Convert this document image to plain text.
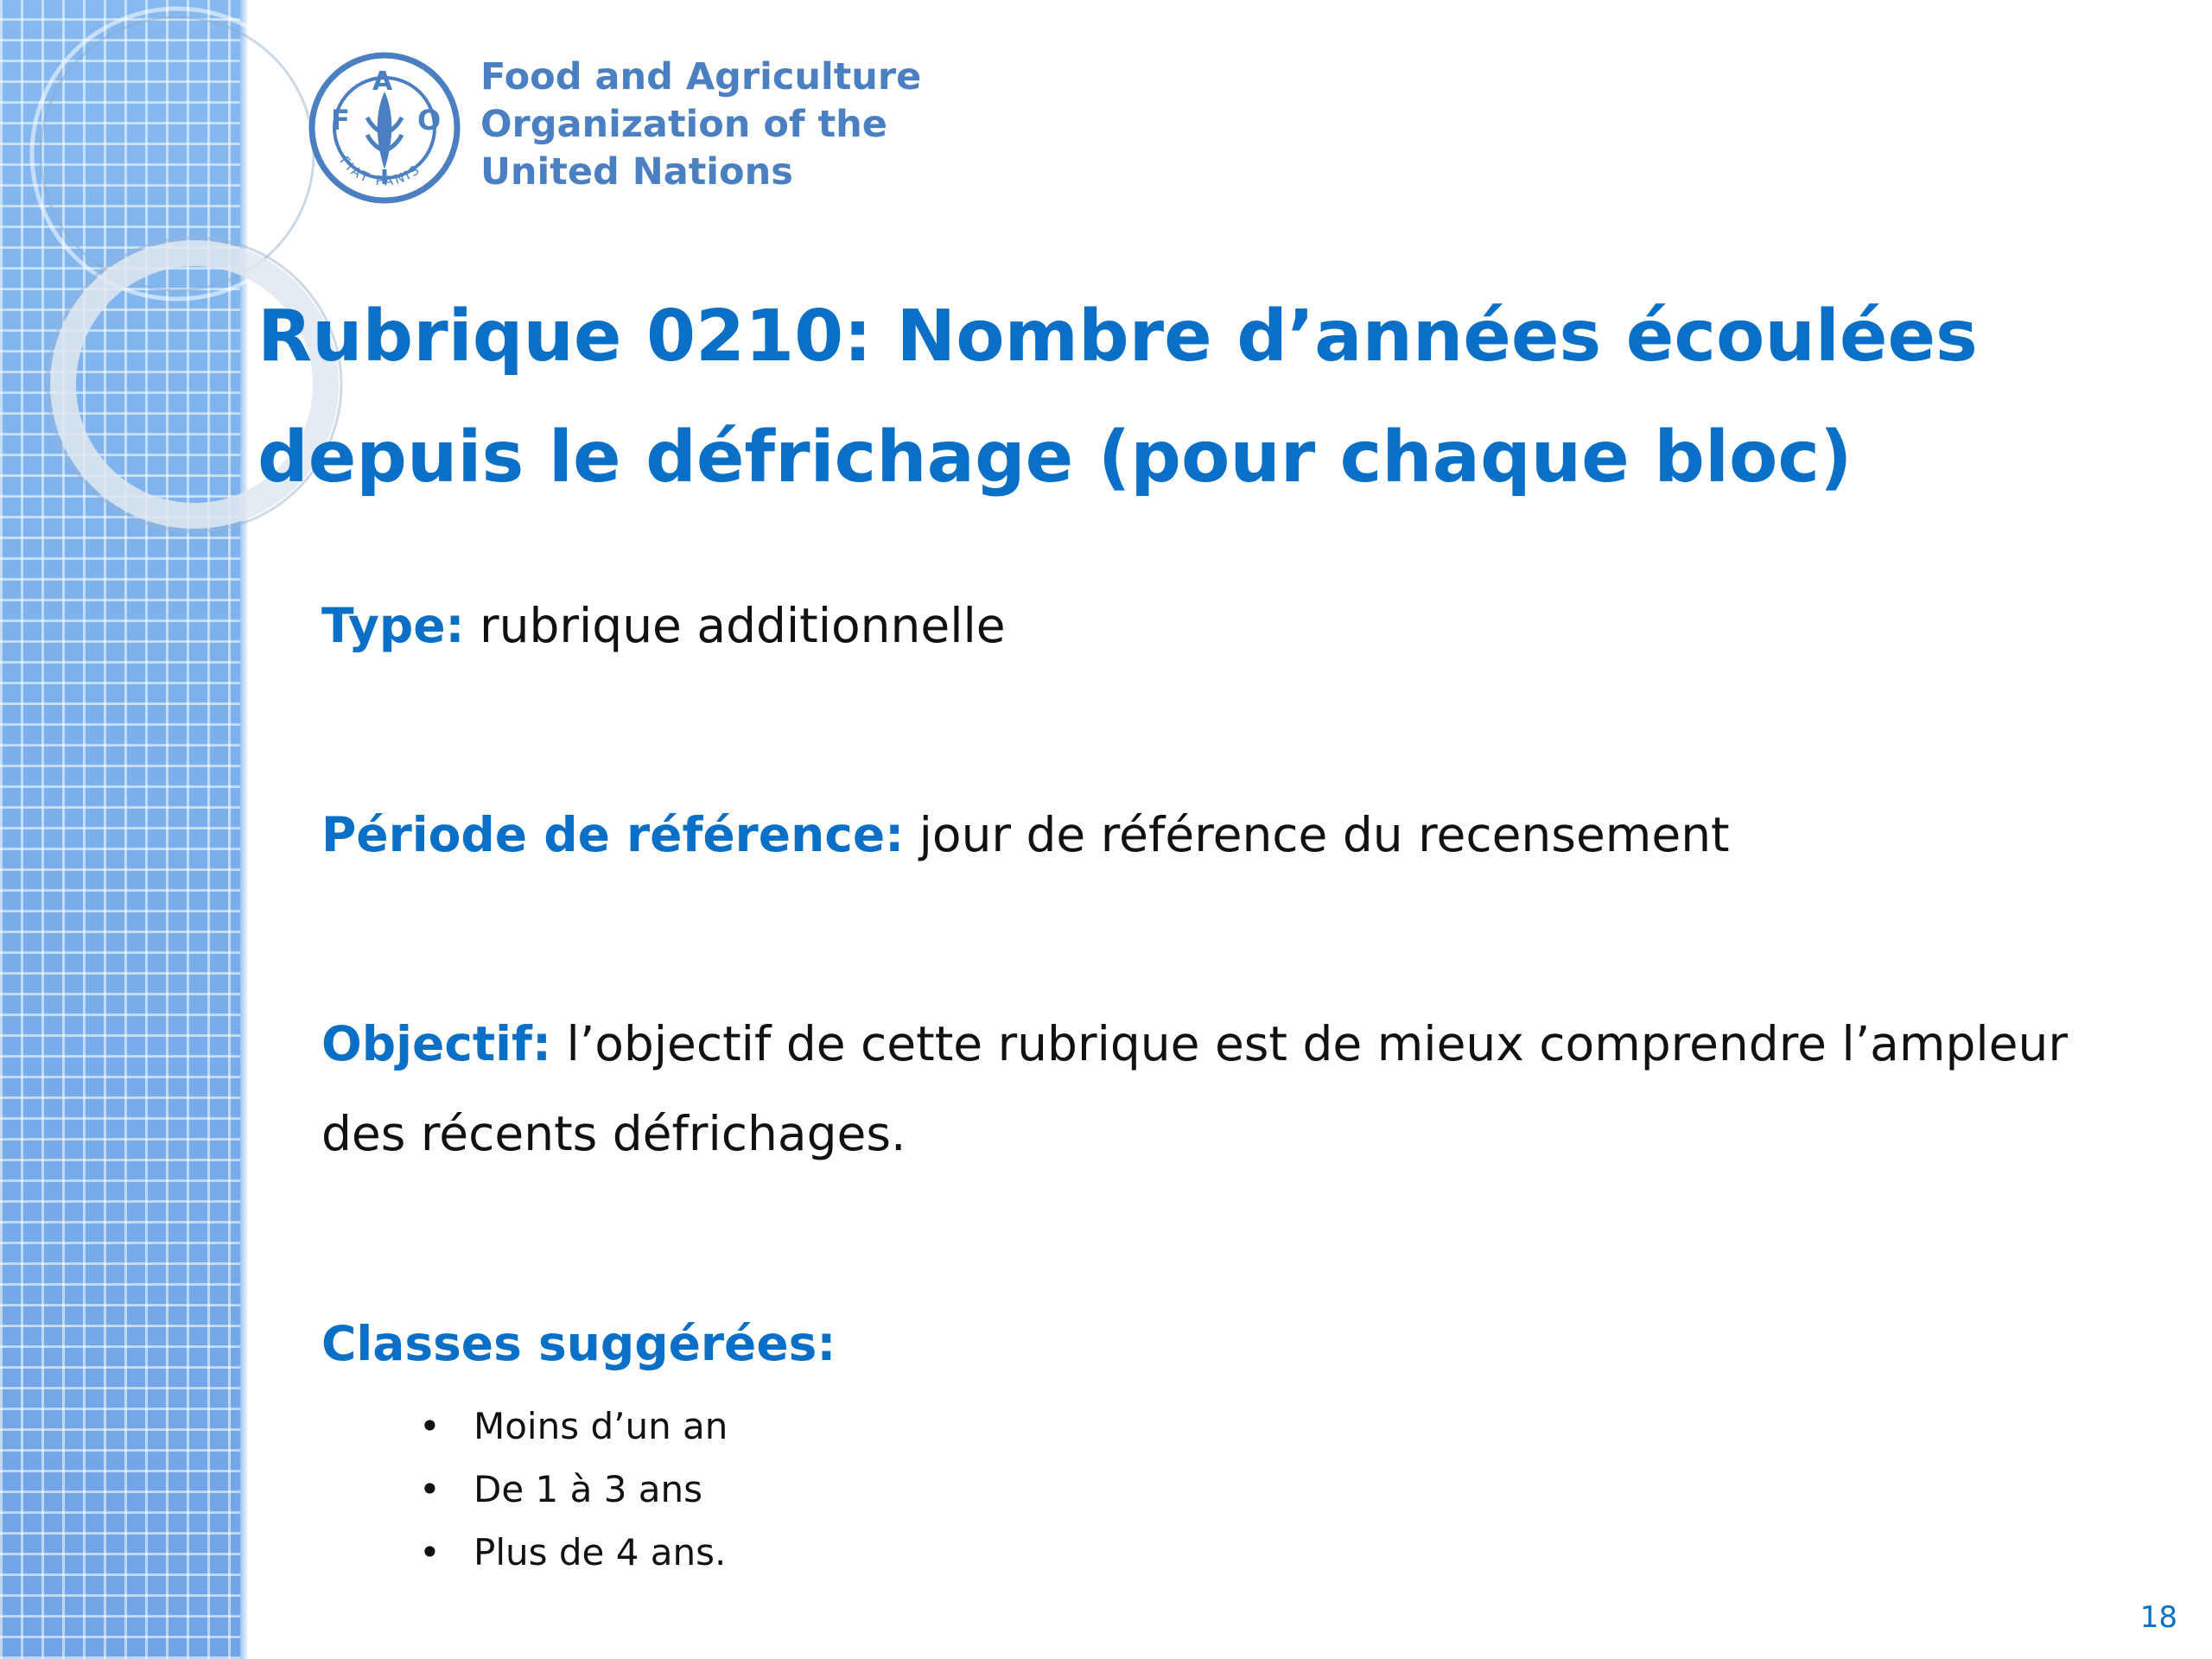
F
A
O
FIAT PANIS
Food and Agriculture
Organization of the
United Nations
Rubrique 0210: Nombre d’années écoulées
depuis le défrichage (pour chaque bloc)
Type: rubrique additionnelle
Période de référence: jour de référence du recensement
Objectif: l’objectif de cette rubrique est de mieux comprendre l’ampleur des récents défrichages.
Classes suggérées:
• Moins d’un an
• De 1 à 3 ans
• Plus de 4 ans.
18
